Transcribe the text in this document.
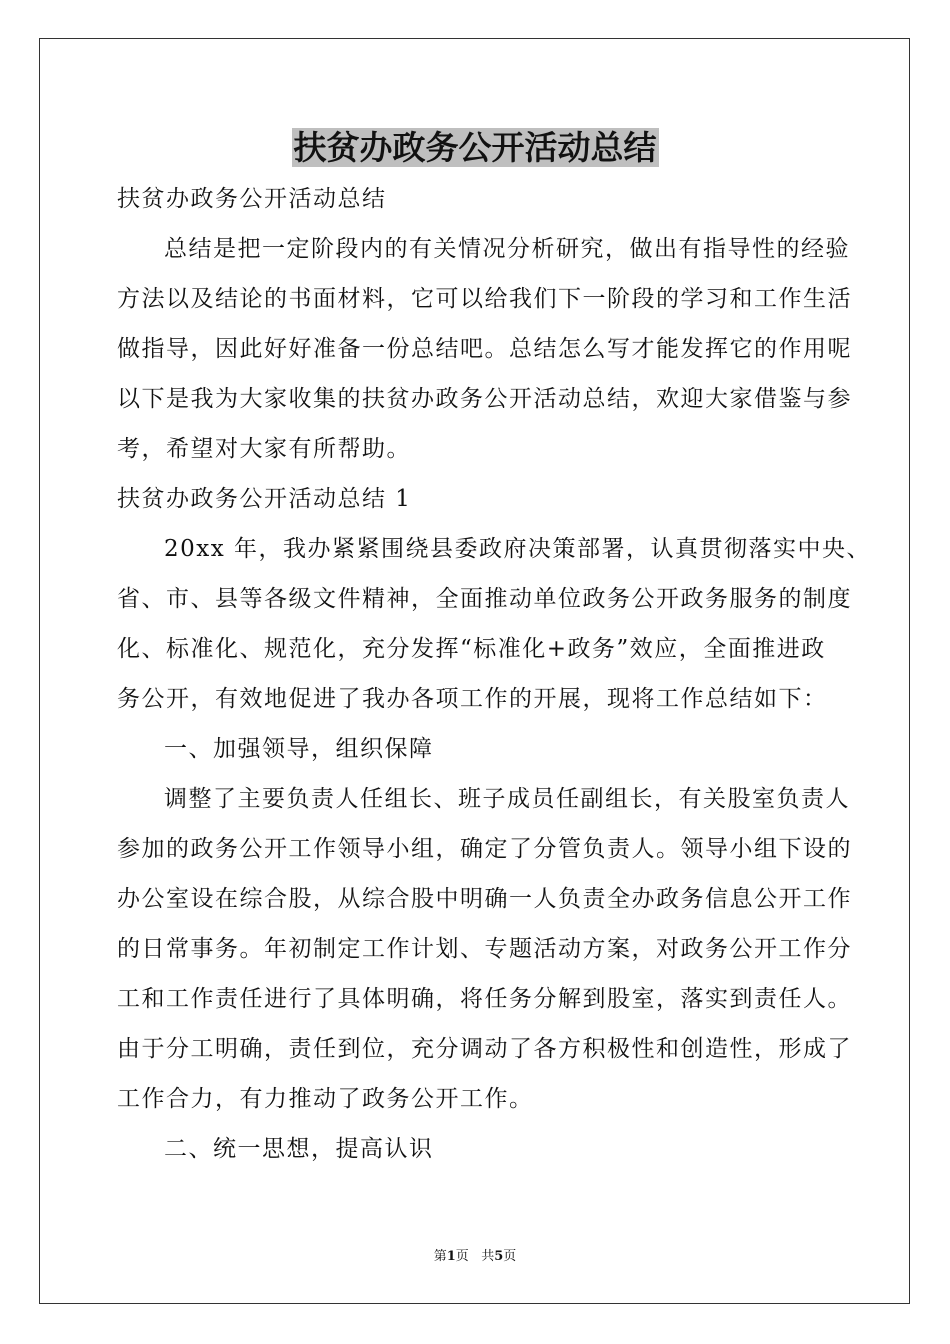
扶贫办政务公开活动总结
扶贫办政务公开活动总结
总结是把一定阶段内的有关情况分析研究，做出有指导性的经验
方法以及结论的书面材料，它可以给我们下一阶段的学习和工作生活
做指导，因此好好准备一份总结吧。总结怎么写才能发挥它的作用呢
以下是我为大家收集的扶贫办政务公开活动总结，欢迎大家借鉴与参
考，希望对大家有所帮助。
扶贫办政务公开活动总结 1
20xx 年，我办紧紧围绕县委政府决策部署，认真贯彻落实中央、
省、市、县等各级文件精神，全面推动单位政务公开政务服务的制度
化、标准化、规范化，充分发挥“标准化+政务”效应，全面推进政
务公开，有效地促进了我办各项工作的开展，现将工作总结如下：
一、加强领导，组织保障
调整了主要负责人任组长、班子成员任副组长，有关股室负责人
参加的政务公开工作领导小组，确定了分管负责人。领导小组下设的
办公室设在综合股，从综合股中明确一人负责全办政务信息公开工作
的日常事务。年初制定工作计划、专题活动方案，对政务公开工作分
工和工作责任进行了具体明确，将任务分解到股室，落实到责任人。
由于分工明确，责任到位，充分调动了各方积极性和创造性，形成了
工作合力，有力推动了政务公开工作。
二、统一思想，提高认识
第1页 共5页
